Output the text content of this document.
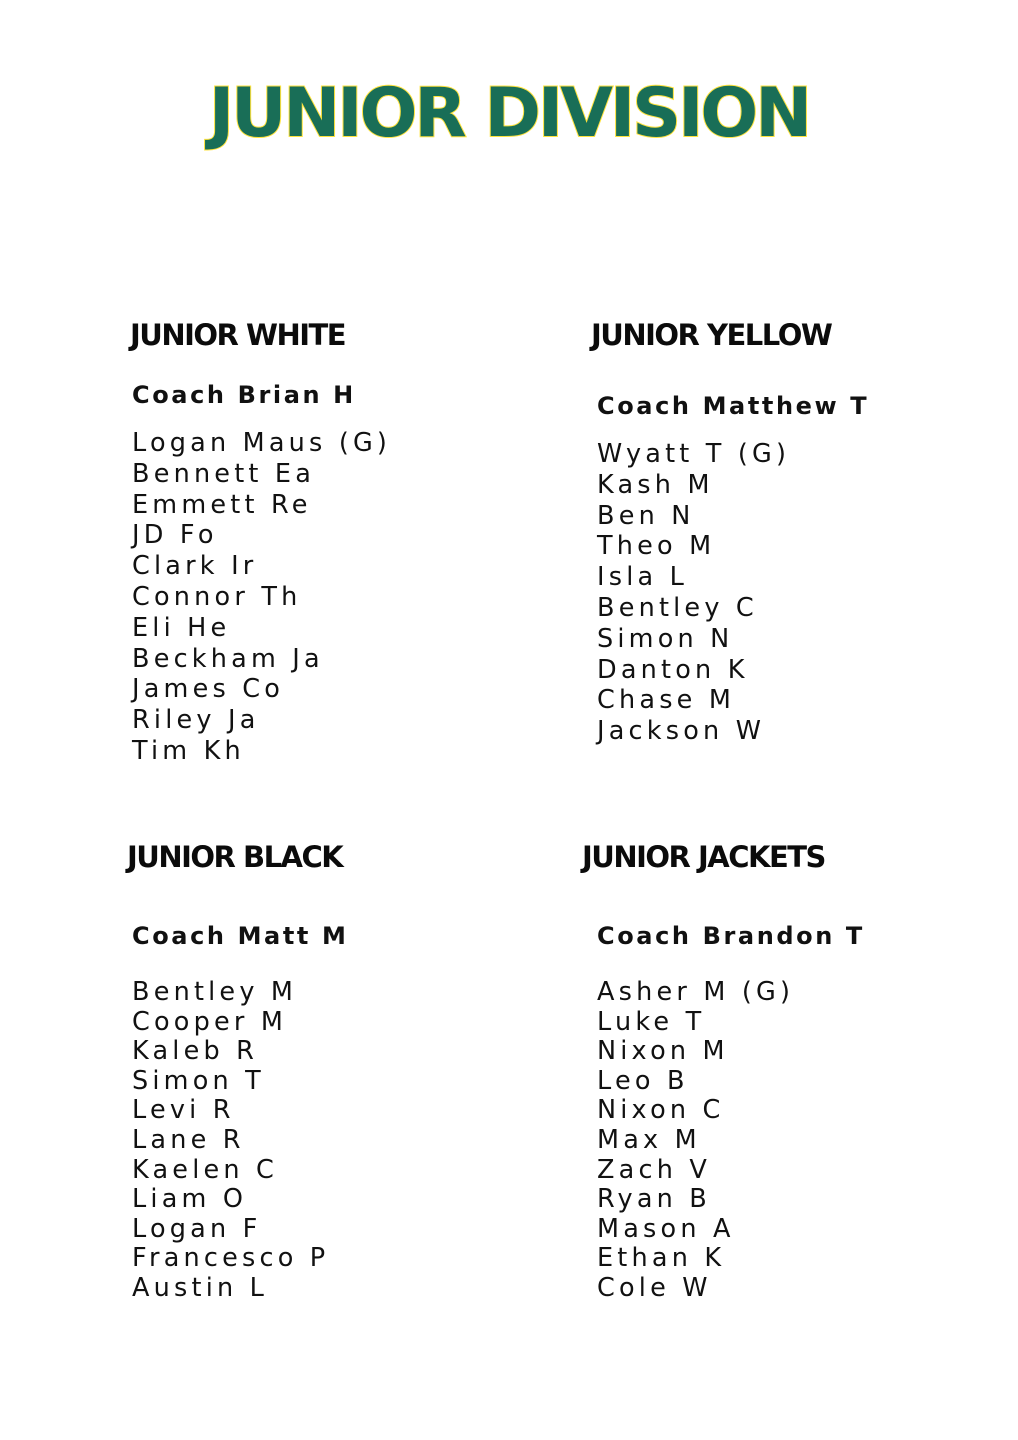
JUNIOR DIVISION
JUNIOR WHITE
Coach Brian H
Logan Maus (G)
Bennett Ea
Emmett Re
JD Fo
Clark Ir
Connor Th
Eli He
Beckham Ja
James Co
Riley Ja
Tim Kh
JUNIOR YELLOW
Coach Matthew T
Wyatt T (G)
Kash M
Ben N
Theo M
Isla L
Bentley C
Simon N
Danton K
Chase M
Jackson W
JUNIOR BLACK
Coach Matt M
Bentley M
Cooper M
Kaleb R
Simon T
Levi R
Lane R
Kaelen C
Liam O
Logan F
Francesco P
Austin L
JUNIOR JACKETS
Coach Brandon T
Asher M (G)
Luke T
Nixon M
Leo B
Nixon C
Max M
Zach V
Ryan B
Mason A
Ethan K
Cole W
